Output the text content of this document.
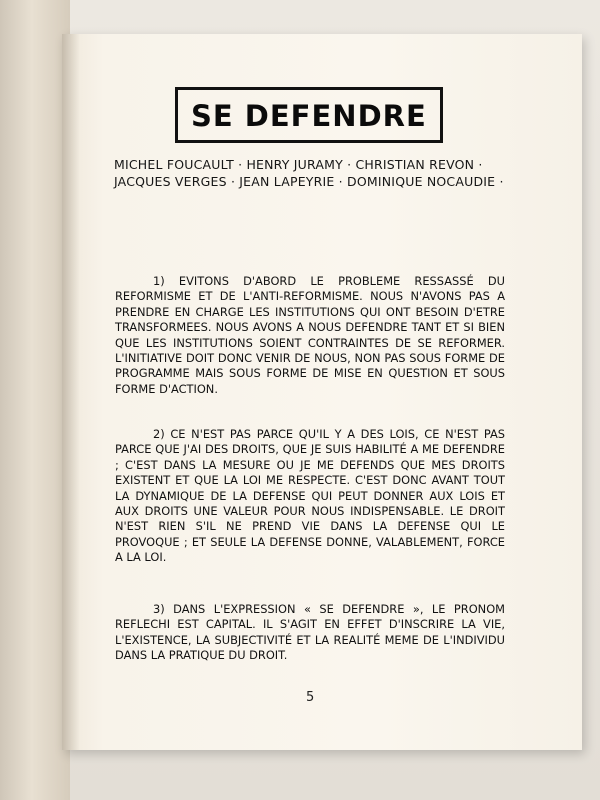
SE DEFENDRE
MICHEL FOUCAULT · HENRY JURAMY · CHRISTIAN REVON · JACQUES VERGES · JEAN LAPEYRIE · DOMINIQUE NOCAUDIE ·
1) EVITONS D'ABORD LE PROBLEME RESSASSÉ DU REFORMISME ET DE L'ANTI-REFORMISME. NOUS N'AVONS PAS A PRENDRE EN CHARGE LES INSTITUTIONS QUI ONT BESOIN D'ETRE TRANSFORMEES. NOUS AVONS A NOUS DEFENDRE TANT ET SI BIEN QUE LES INSTITUTIONS SOIENT CONTRAINTES DE SE REFORMER. L'INITIATIVE DOIT DONC VENIR DE NOUS, NON PAS SOUS FORME DE PROGRAMME MAIS SOUS FORME DE MISE EN QUESTION ET SOUS FORME D'ACTION.
2) CE N'EST PAS PARCE QU'IL Y A DES LOIS, CE N'EST PAS PARCE QUE J'AI DES DROITS, QUE JE SUIS HABILITÉ A ME DEFENDRE ; C'EST DANS LA MESURE OU JE ME DEFENDS QUE MES DROITS EXISTENT ET QUE LA LOI ME RESPECTE. C'EST DONC AVANT TOUT LA DYNAMIQUE DE LA DEFENSE QUI PEUT DONNER AUX LOIS ET AUX DROITS UNE VALEUR POUR NOUS INDISPENSABLE. LE DROIT N'EST RIEN S'IL NE PREND VIE DANS LA DEFENSE QUI LE PROVOQUE ; ET SEULE LA DEFENSE DONNE, VALABLEMENT, FORCE A LA LOI.
3) DANS L'EXPRESSION « SE DEFENDRE », LE PRONOM REFLECHI EST CAPITAL. IL S'AGIT EN EFFET D'INSCRIRE LA VIE, L'EXISTENCE, LA SUBJECTIVITÉ ET LA REALITÉ MEME DE L'INDIVIDU DANS LA PRATIQUE DU DROIT.
5
